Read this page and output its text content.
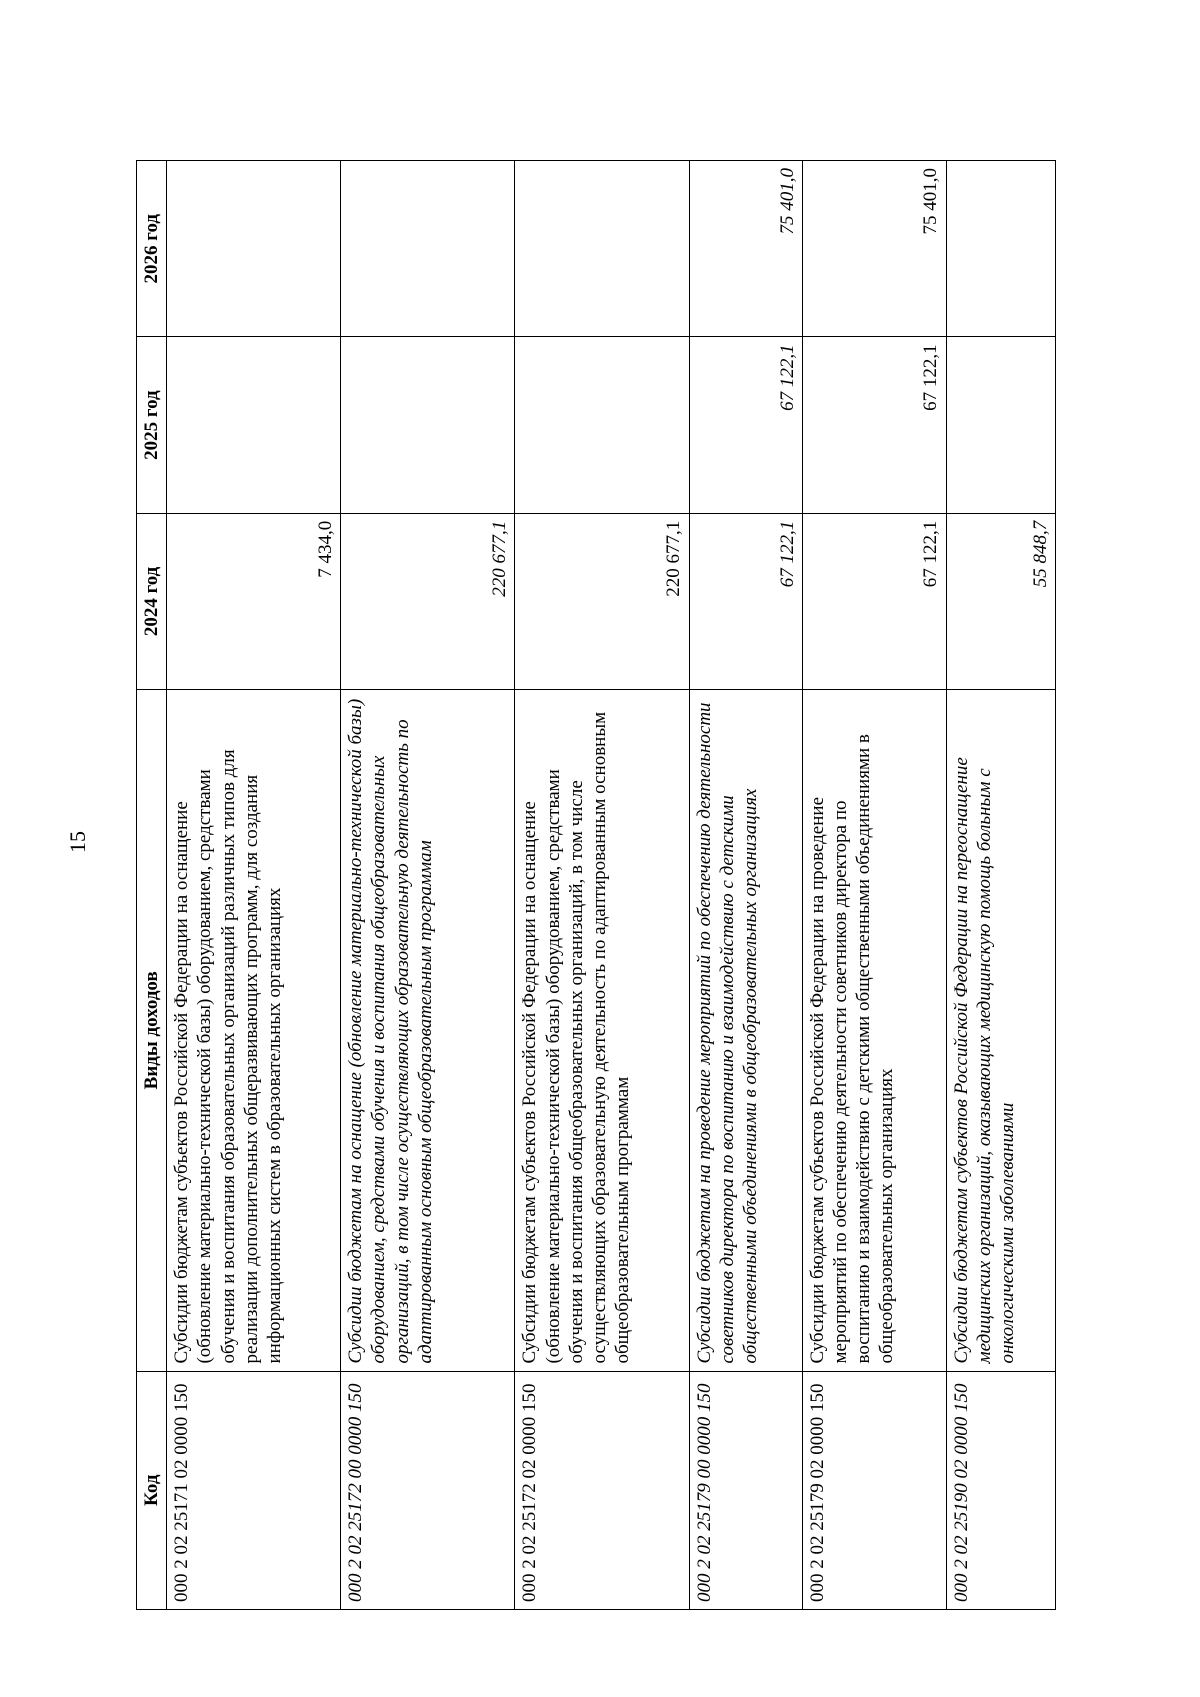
15
Код	Виды доходов	2024 год	2025 год	2026 год
000 2 02 25171 02 0000 150	Субсидии бюджетам субъектов Российской Федерации на оснащение (обновление материально-технической базы) оборудованием, средствами обучения и воспитания образовательных организаций различных типов для реализации дополнительных общеразвивающих программ, для создания информационных систем в образовательных организациях	7 434,0		
000 2 02 25172 00 0000 150	Субсидии бюджетам на оснащение (обновление материально-технической базы) оборудованием, средствами обучения и воспитания общеобразовательных организаций, в том числе осуществляющих образовательную деятельность по адаптированным основным общеобразовательным программам	220 677,1		
000 2 02 25172 02 0000 150	Субсидии бюджетам субъектов Российской Федерации на оснащение (обновление материально-технической базы) оборудованием, средствами обучения и воспитания общеобразовательных организаций, в том числе осуществляющих образовательную деятельность по адаптированным основным общеобразовательным программам	220 677,1		
000 2 02 25179 00 0000 150	Субсидии бюджетам на проведение мероприятий по обеспечению деятельности советников директора по воспитанию и взаимодействию с детскими общественными объединениями в общеобразовательных организациях	67 122,1	67 122,1	75 401,0
000 2 02 25179 02 0000 150	Субсидии бюджетам субъектов Российской Федерации на проведение мероприятий по обеспечению деятельности советников директора по воспитанию и взаимодействию с детскими общественными объединениями в общеобразовательных организациях	67 122,1	67 122,1	75 401,0
000 2 02 25190 02 0000 150	Субсидии бюджетам субъектов Российской Федерации на переоснащение медицинских организаций, оказывающих медицинскую помощь больным с онкологическими заболеваниями	55 848,7		
